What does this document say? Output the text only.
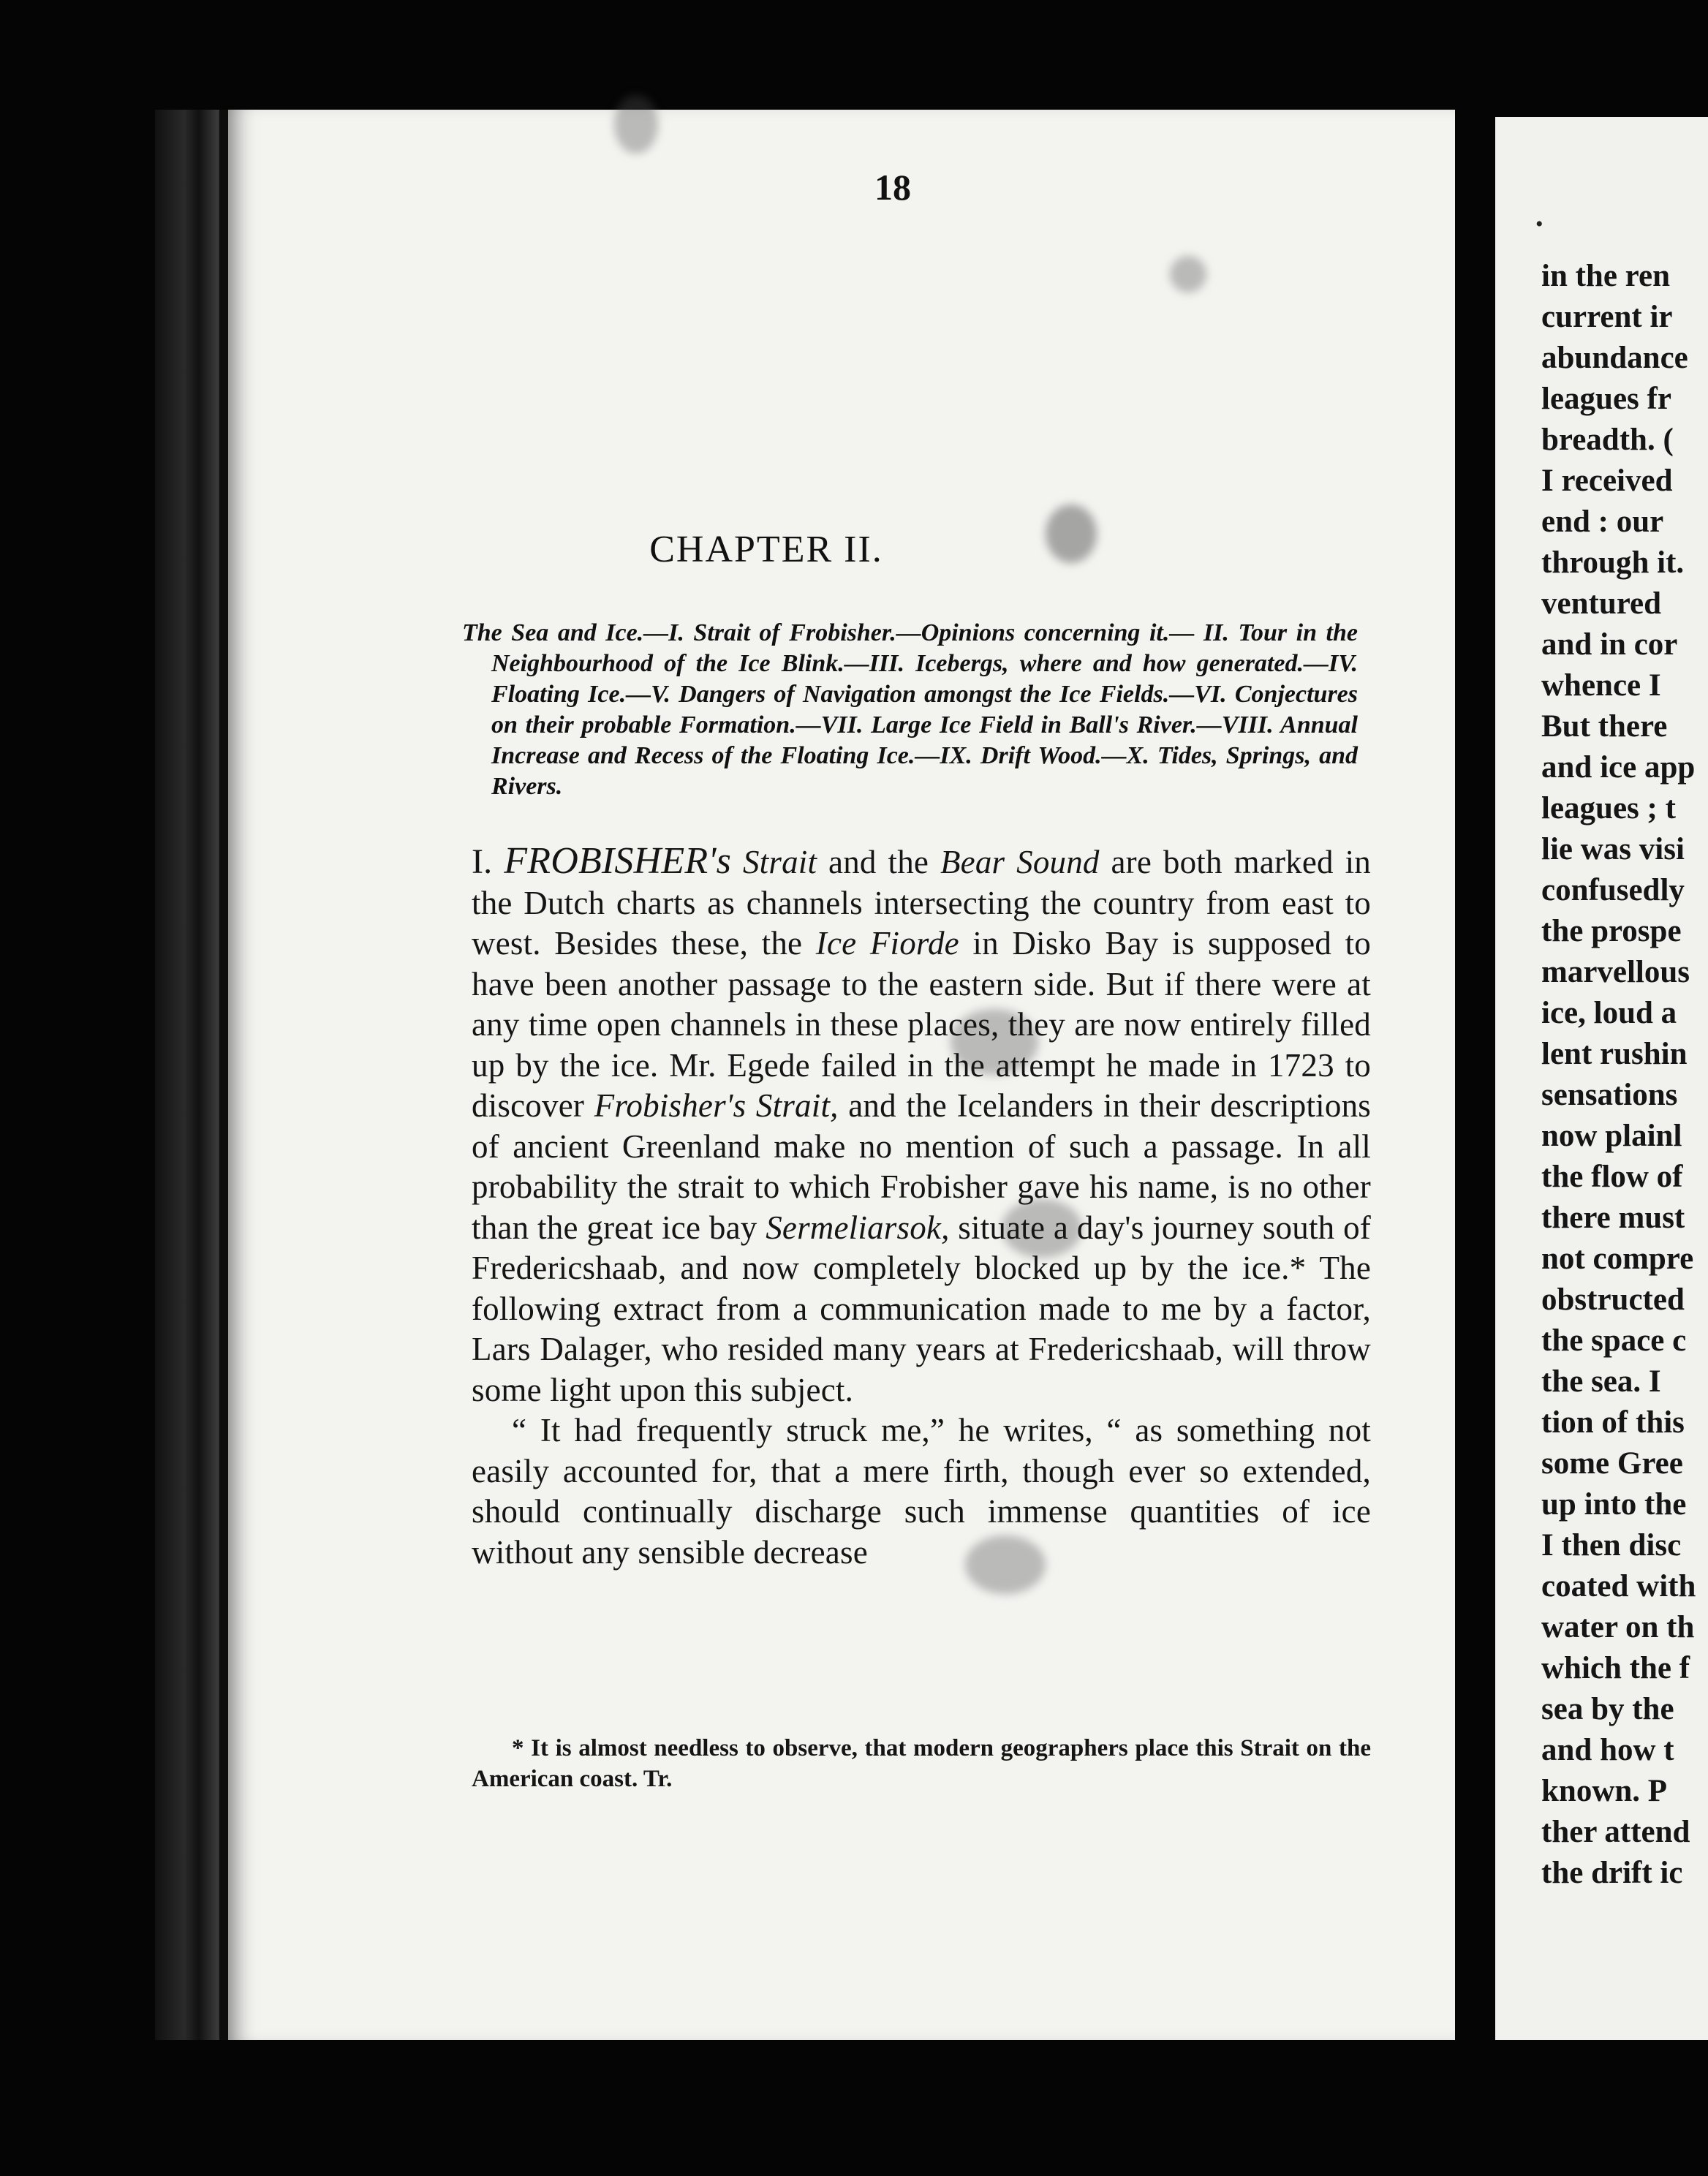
18
CHAPTER II.
The Sea and Ice.—I. Strait of Frobisher.—Opinions concerning it.— II. Tour in the Neighbourhood of the Ice Blink.—III. Icebergs, where and how generated.—IV. Floating Ice.—V. Dangers of Navigation amongst the Ice Fields.—VI. Conjectures on their probable Formation.—VII. Large Ice Field in Ball's River.—VIII. Annual Increase and Recess of the Floating Ice.—IX. Drift Wood.—X. Tides, Springs, and Rivers.

I. FROBISHER's Strait and the Bear Sound are both marked in the Dutch charts as channels intersecting the country from east to west. Besides these, the Ice Fiorde in Disko Bay is supposed to have been another passage to the eastern side. But if there were at any time open channels in these places, they are now entirely filled up by the ice. Mr. Egede failed in the attempt he made in 1723 to discover Frobisher's Strait, and the Icelanders in their descriptions of ancient Greenland make no mention of such a passage. In all probability the strait to which Frobisher gave his name, is no other than the great ice bay Sermeliarsok, situate a day's journey south of Fredericshaab, and now completely blocked up by the ice.* The following extract from a communication made to me by a factor, Lars Dalager, who resided many years at Fredericshaab, will throw some light upon this subject.

“ It had frequently struck me,” he writes, “ as something not easily accounted for, that a mere firth, though ever so extended, should continually discharge such immense quantities of ice without any sensible decrease

* It is almost needless to observe, that modern geographers place this Strait on the American coast. Tr.
•
in the ren
current ir
abundance
leagues fr
breadth. (
I received
end : our
through it.
ventured
and in cor
whence I
But there
and ice app
leagues ; t
lie was visi
confusedly
the prospe
marvellous
ice, loud a
lent rushin
sensations
now plainl
the flow of
there must
not compre
obstructed
the space c
the sea. I
tion of this
some Gree
up into the
I then disc
coated with
water on th
which the f
sea by the
and how t
known. P
ther attend
the drift ic
